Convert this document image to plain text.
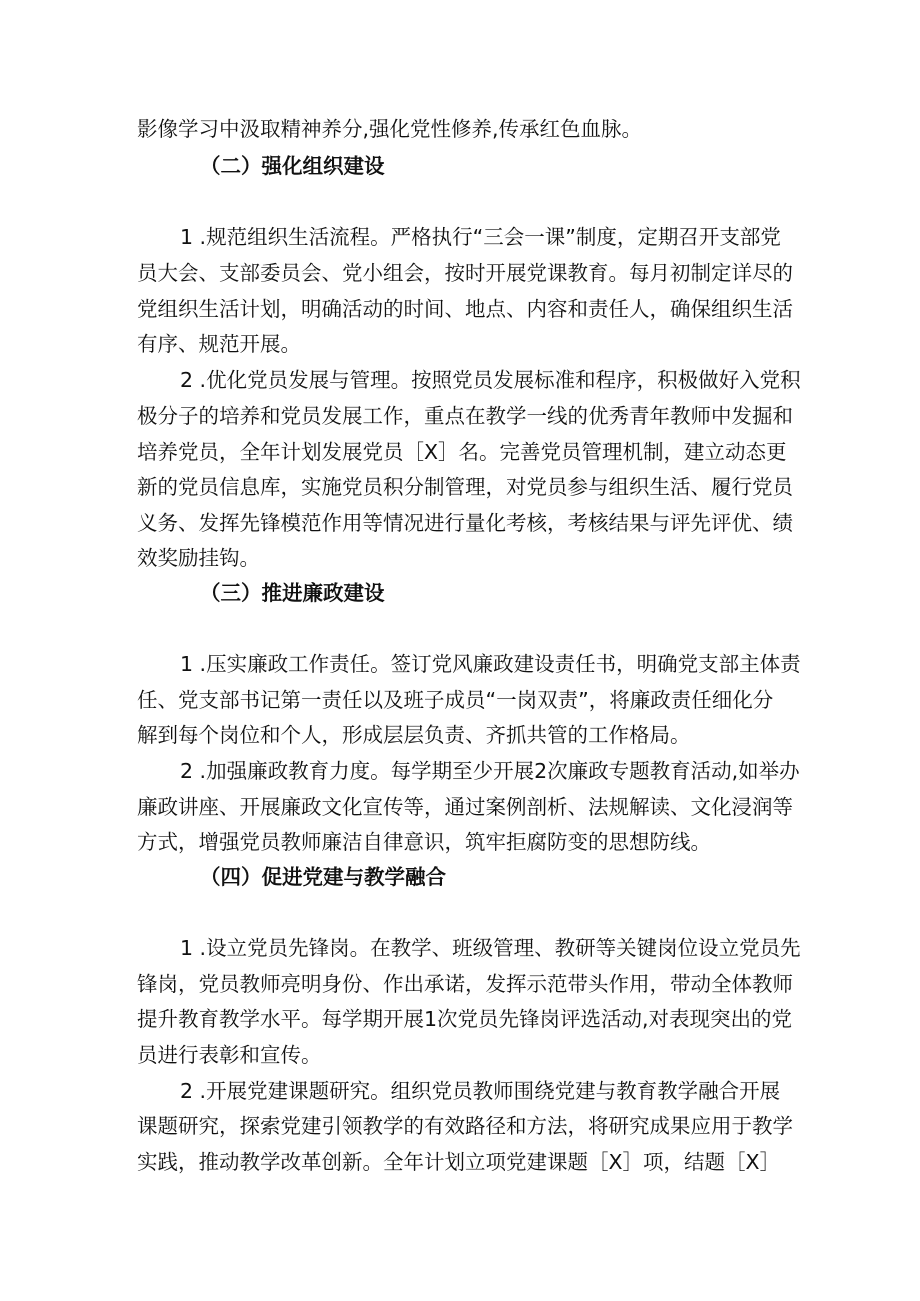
影像学习中汲取精神养分,强化党性修养,传承红色血脉。
（二）强化组织建设
1 .规范组织生活流程。严格执行“三会一课”制度，定期召开支部党
员大会、支部委员会、党小组会，按时开展党课教育。每月初制定详尽的
党组织生活计划，明确活动的时间、地点、内容和责任人，确保组织生活
有序、规范开展。
2 .优化党员发展与管理。按照党员发展标准和程序，积极做好入党积
极分子的培养和党员发展工作，重点在教学一线的优秀青年教师中发掘和
培养党员，全年计划发展党员［X］名。完善党员管理机制，建立动态更
新的党员信息库，实施党员积分制管理，对党员参与组织生活、履行党员
义务、发挥先锋模范作用等情况进行量化考核，考核结果与评先评优、绩
效奖励挂钩。
（三）推进廉政建设
1 .压实廉政工作责任。签订党风廉政建设责任书，明确党支部主体责
任、党支部书记第一责任以及班子成员“一岗双责”，将廉政责任细化分
解到每个岗位和个人，形成层层负责、齐抓共管的工作格局。
2 .加强廉政教育力度。每学期至少开展2次廉政专题教育活动,如举办
廉政讲座、开展廉政文化宣传等，通过案例剖析、法规解读、文化浸润等
方式，增强党员教师廉洁自律意识，筑牢拒腐防变的思想防线。
（四）促进党建与教学融合
1 .设立党员先锋岗。在教学、班级管理、教研等关键岗位设立党员先
锋岗，党员教师亮明身份、作出承诺，发挥示范带头作用，带动全体教师
提升教育教学水平。每学期开展1次党员先锋岗评选活动,对表现突出的党
员进行表彰和宣传。
2 .开展党建课题研究。组织党员教师围绕党建与教育教学融合开展
课题研究，探索党建引领教学的有效路径和方法，将研究成果应用于教学
实践，推动教学改革创新。全年计划立项党建课题［X］项，结题［X］
